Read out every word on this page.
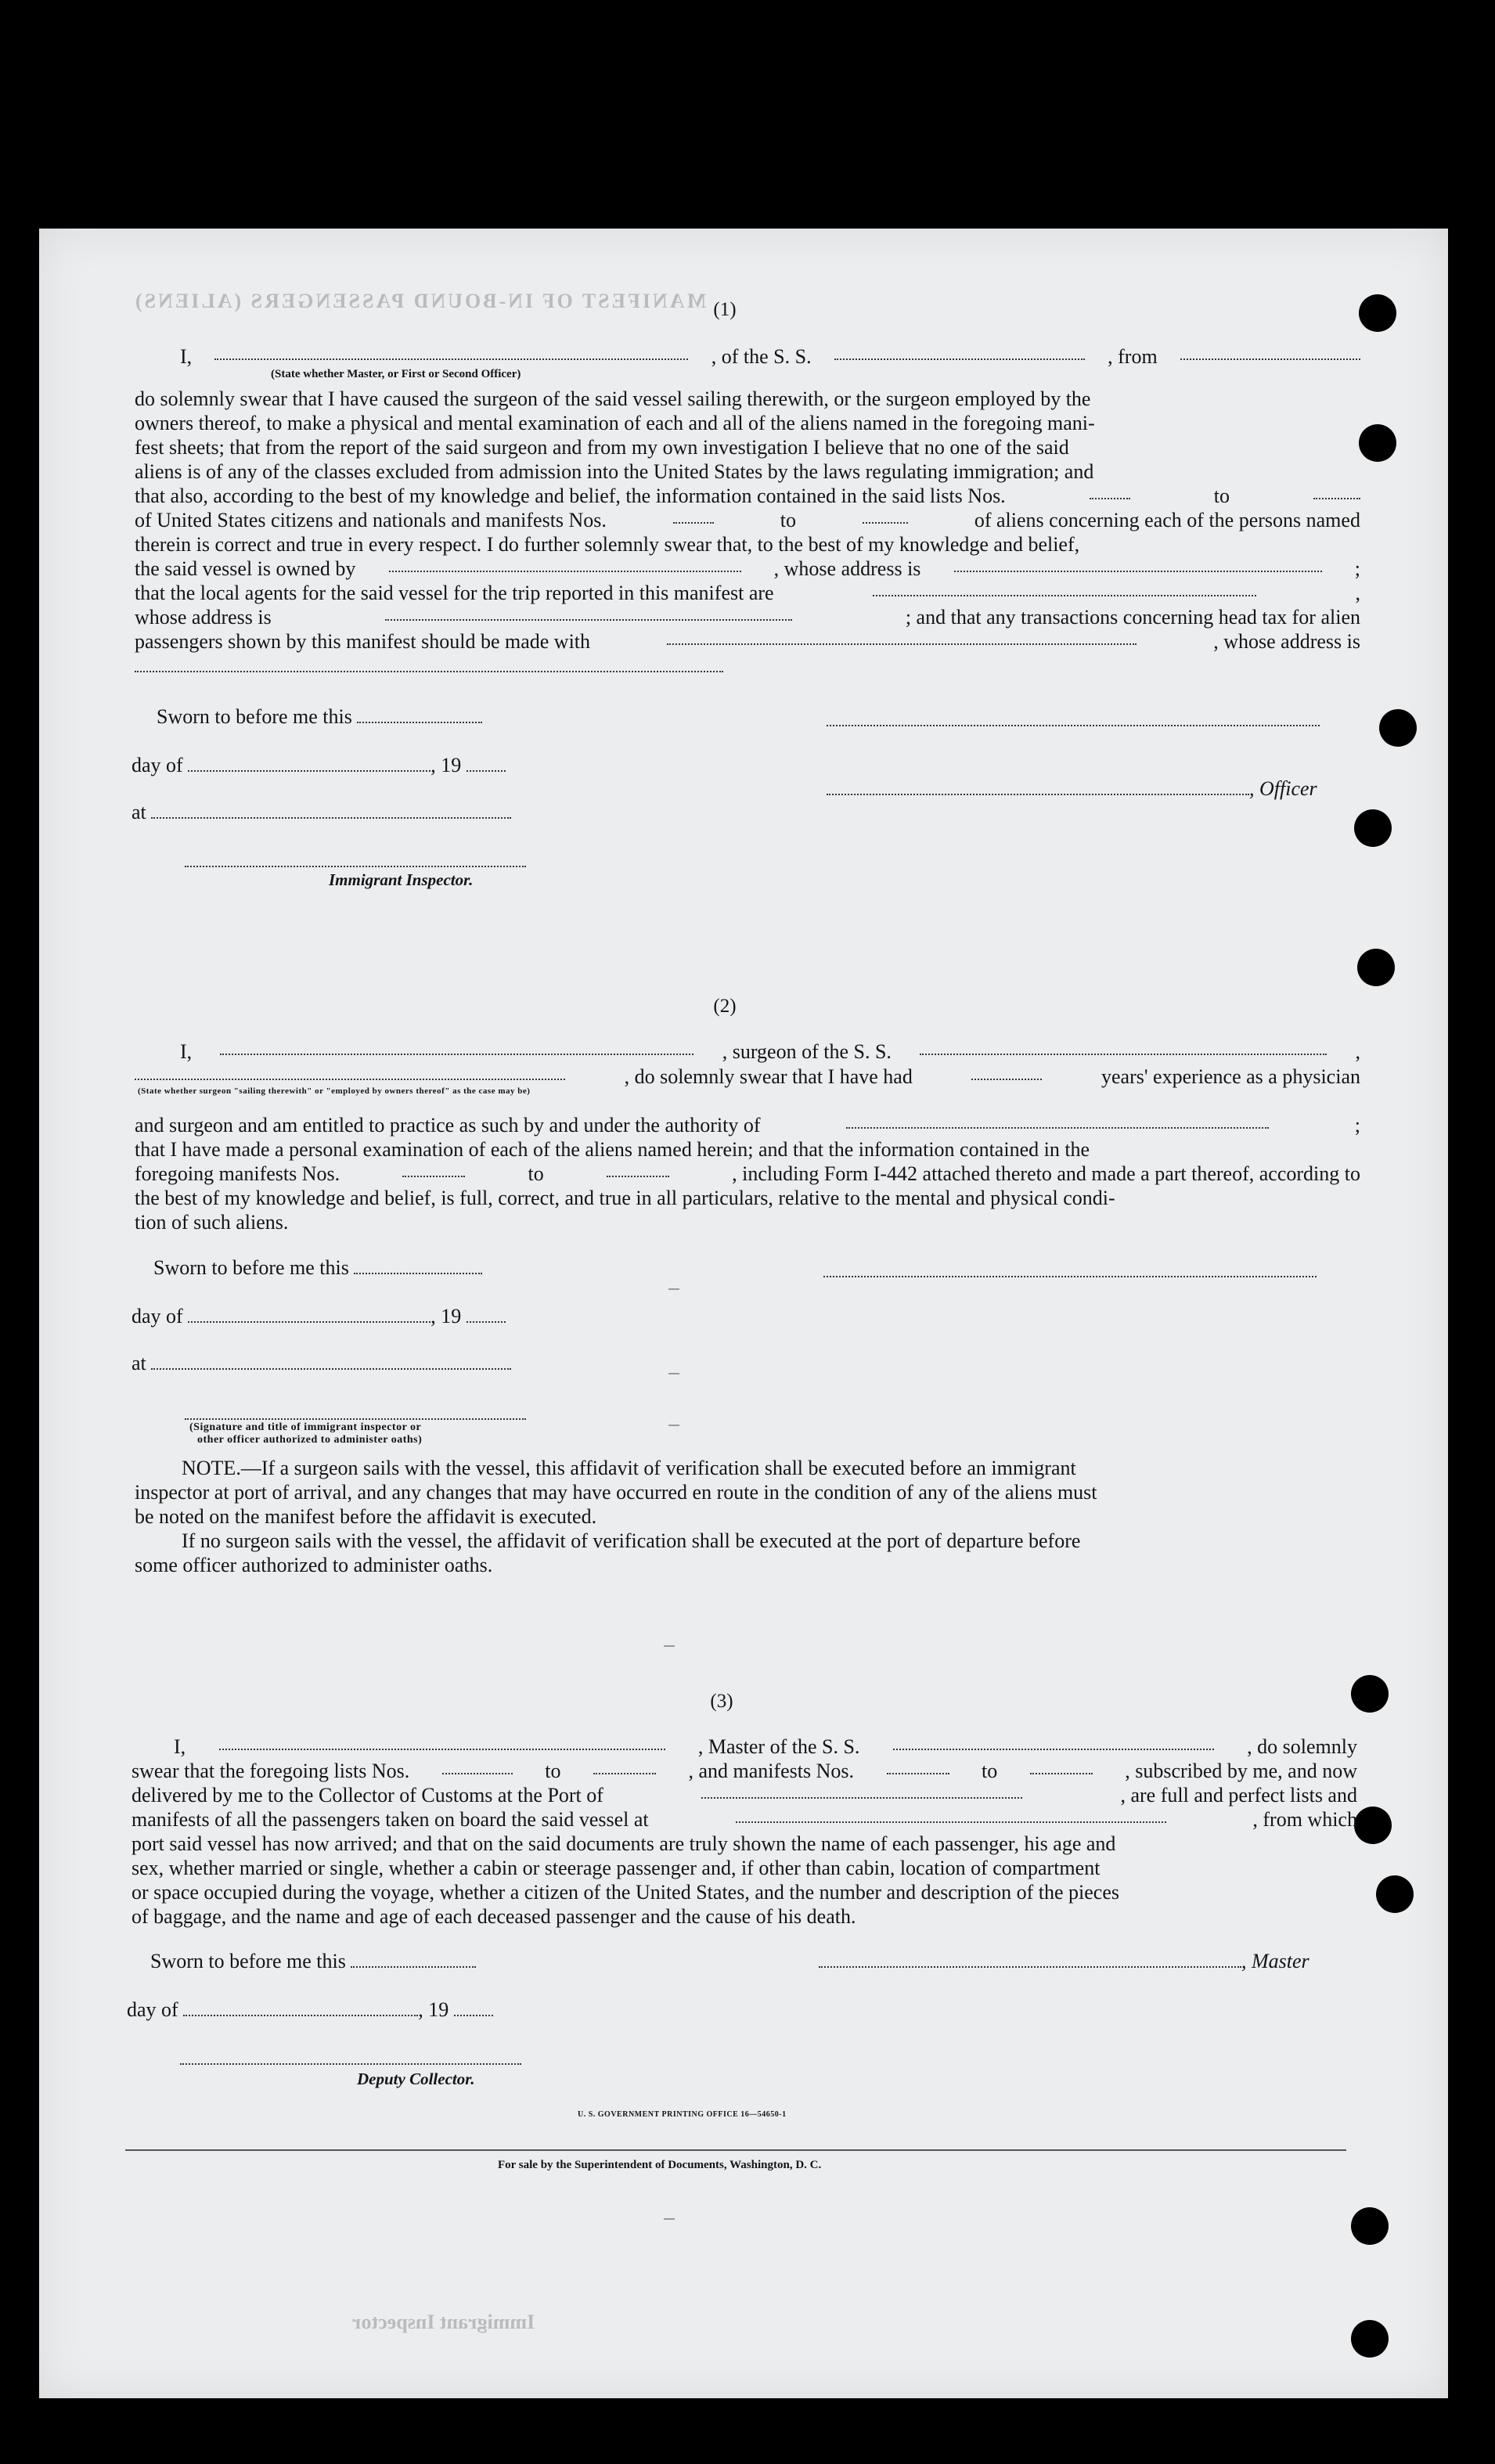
MANIFEST OF IN-BOUND PASSENGERS (ALIENS)
Immigrant Inspector
(1)
I,	, of the S. S.	, from
(State whether Master, or First or Second Officer)
do solemnly swear that I have caused the surgeon of the said vessel sailing therewith, or the surgeon employed by the
owners thereof, to make a physical and mental examination of each and all of the aliens named in the foregoing mani-
fest sheets; that from the report of the said surgeon and from my own investigation I believe that no one of the said
aliens is of any of the classes excluded from admission into the United States by the laws regulating immigration; and
that also, according to the best of my knowledge and belief, the information contained in the said lists Nos.	to
of United States citizens and nationals and manifests Nos.	to	of aliens concerning each of the persons named
therein is correct and true in every respect. I do further solemnly swear that, to the best of my knowledge and belief,
the said vessel is owned by	, whose address is	;
that the local agents for the said vessel for the trip reported in this manifest are	,
whose address is	; and that any transactions concerning head tax for alien
passengers shown by this manifest should be made with	, whose address is
Sworn to before me this
day of	, 19
, Officer
at
Immigrant Inspector.
(2)
I,	, surgeon of the S. S.	,
, do solemnly swear that I have had	years' experience as a physician
(State whether surgeon "sailing therewith" or "employed by owners thereof" as the case may be)
and surgeon and am entitled to practice as such by and under the authority of	;
that I have made a personal examination of each of the aliens named herein; and that the information contained in the
foregoing manifests Nos.	to	, including Form I-442 attached thereto and made a part thereof, according to
the best of my knowledge and belief, is full, correct, and true in all particulars, relative to the mental and physical condi-
tion of such aliens.
Sworn to before me this
day of	, 19
at
(Signature and title of immigrant inspector or
other officer authorized to administer oaths)
NOTE.—If a surgeon sails with the vessel, this affidavit of verification shall be executed before an immigrant
inspector at port of arrival, and any changes that may have occurred en route in the condition of any of the aliens must
be noted on the manifest before the affidavit is executed.
If no surgeon sails with the vessel, the affidavit of verification shall be executed at the port of departure before
some officer authorized to administer oaths.
(3)
I,	, Master of the S. S.	, do solemnly
swear that the foregoing lists Nos.	to	, and manifests Nos.	to	, subscribed by me, and now
delivered by me to the Collector of Customs at the Port of	, are full and perfect lists and
manifests of all the passengers taken on board the said vessel at	, from which
port said vessel has now arrived; and that on the said documents are truly shown the name of each passenger, his age and
sex, whether married or single, whether a cabin or steerage passenger and, if other than cabin, location of compartment
or space occupied during the voyage, whether a citizen of the United States, and the number and description of the pieces
of baggage, and the name and age of each deceased passenger and the cause of his death.
Sworn to before me this	, Master
day of	, 19
Deputy Collector.
U. S. GOVERNMENT PRINTING OFFICE 16—54650-1
For sale by the Superintendent of Documents, Washington, D. C.
